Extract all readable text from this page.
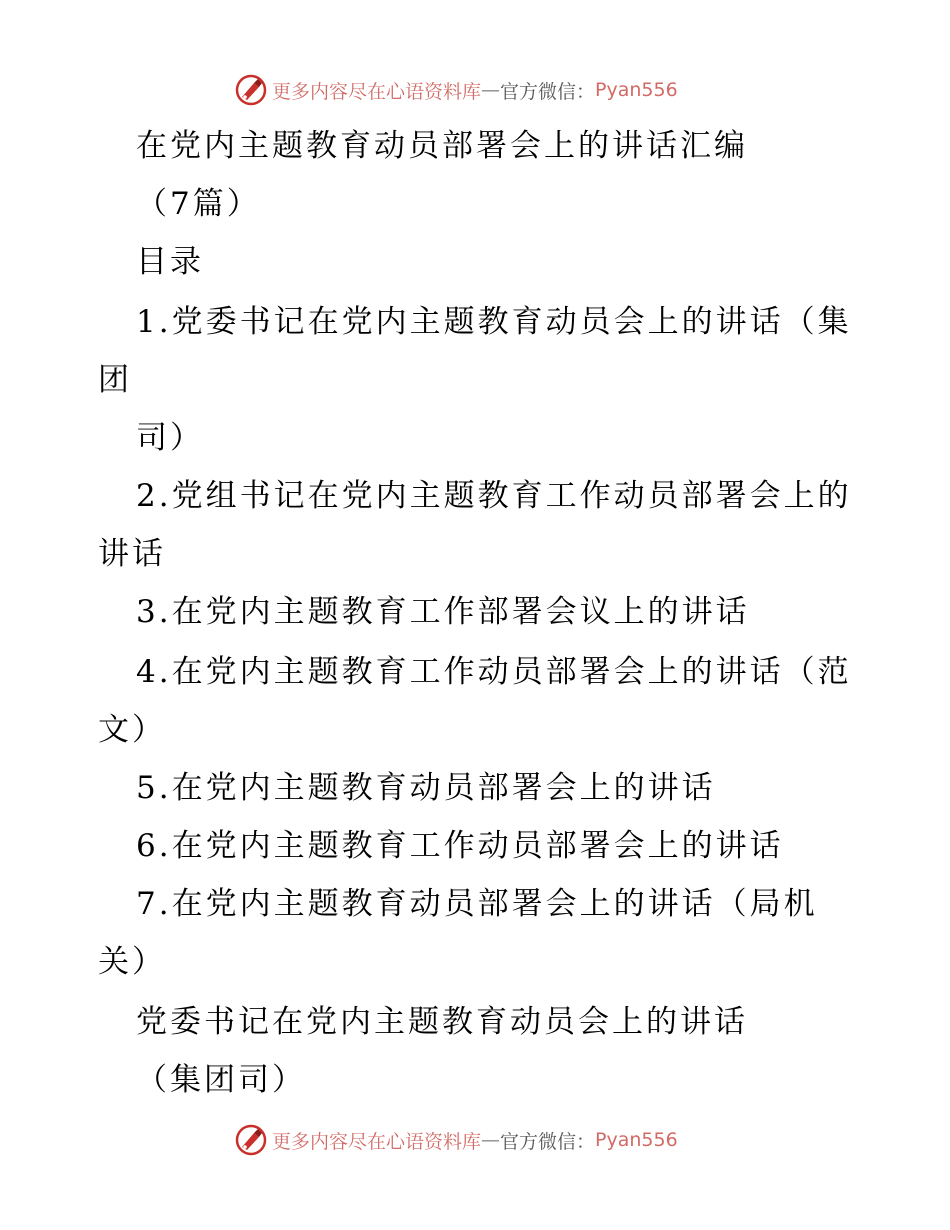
更多内容尽在心语资料库 — 官方微信： Pyan556
在党内主题教育动员部署会上的讲话汇编
（7篇）
目录
1.党委书记在党内主题教育动员会上的讲话（集
团
司）
2.党组书记在党内主题教育工作动员部署会上的
讲话
3.在党内主题教育工作部署会议上的讲话
4.在党内主题教育工作动员部署会上的讲话（范
文）
5.在党内主题教育动员部署会上的讲话
6.在党内主题教育工作动员部署会上的讲话
7.在党内主题教育动员部署会上的讲话（局机
关）
党委书记在党内主题教育动员会上的讲话
（集团司）
更多内容尽在心语资料库 — 官方微信： Pyan556
